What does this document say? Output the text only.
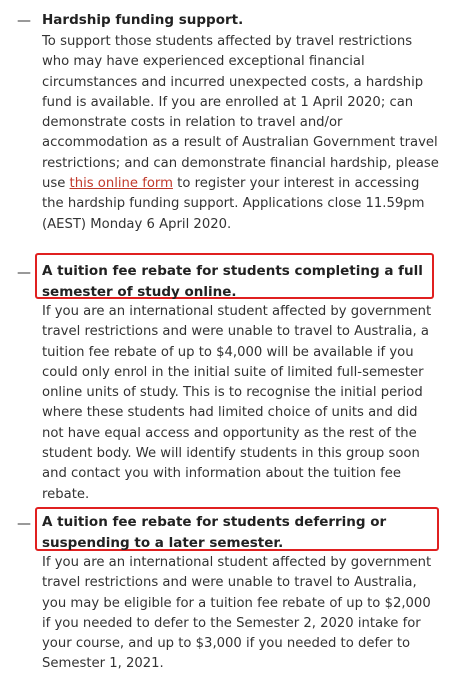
— Hardship funding support.

To support those students affected by travel restrictions who may have experienced exceptional financial circumstances and incurred unexpected costs, a hardship fund is available. If you are enrolled at 1 April 2020; can demonstrate costs in relation to travel and/or accommodation as a result of Australian Government travel restrictions; and can demonstrate financial hardship, please use this online form to register your interest in accessing the hardship funding support. Applications close 11.59pm (AEST) Monday 6 April 2020.

— A tuition fee rebate for students completing a full semester of study online.

If you are an international student affected by government travel restrictions and were unable to travel to Australia, a tuition fee rebate of up to $4,000 will be available if you could only enrol in the initial suite of limited full-semester online units of study. This is to recognise the initial period where these students had limited choice of units and did not have equal access and opportunity as the rest of the student body. We will identify students in this group soon and contact you with information about the tuition fee rebate.

— A tuition fee rebate for students deferring or suspending to a later semester.

If you are an international student affected by government travel restrictions and were unable to travel to Australia, you may be eligible for a tuition fee rebate of up to $2,000 if you needed to defer to the Semester 2, 2020 intake for your course, and up to $3,000 if you needed to defer to Semester 1, 2021.
